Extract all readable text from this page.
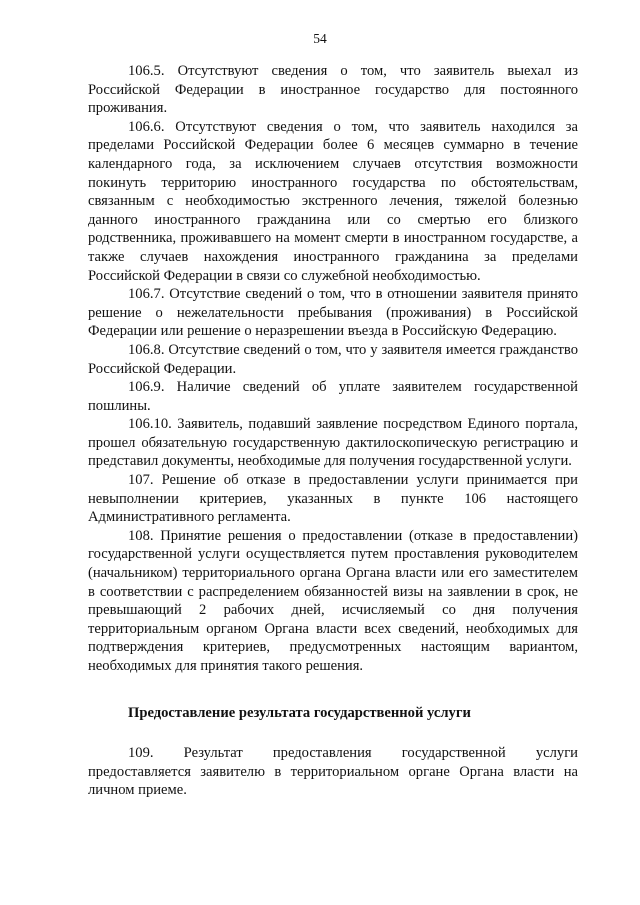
54

106.5. Отсутствуют сведения о том, что заявитель выехал из Российской Федерации в иностранное государство для постоянного проживания.

106.6. Отсутствуют сведения о том, что заявитель находился за пределами Российской Федерации более 6 месяцев суммарно в течение календарного года, за исключением случаев отсутствия возможности покинуть территорию иностранного государства по обстоятельствам, связанным с необходимостью экстренного лечения, тяжелой болезнью данного иностранного гражданина или со смертью его близкого родственника, проживавшего на момент смерти в иностранном государстве, а также случаев нахождения иностранного гражданина за пределами Российской Федерации в связи со служебной необходимостью.

106.7. Отсутствие сведений о том, что в отношении заявителя принято решение о нежелательности пребывания (проживания) в Российской Федерации или решение о неразрешении въезда в Российскую Федерацию.

106.8. Отсутствие сведений о том, что у заявителя имеется гражданство Российской Федерации.

106.9. Наличие сведений об уплате заявителем государственной пошлины.

106.10. Заявитель, подавший заявление посредством Единого портала, прошел обязательную государственную дактилоскопическую регистрацию и представил документы, необходимые для получения государственной услуги.

107. Решение об отказе в предоставлении услуги принимается при невыполнении критериев, указанных в пункте 106 настоящего Административного регламента.

108. Принятие решения о предоставлении (отказе в предоставлении) государственной услуги осуществляется путем проставления руководителем (начальником) территориального органа Органа власти или его заместителем в соответствии с распределением обязанностей визы на заявлении в срок, не превышающий 2 рабочих дней, исчисляемый со дня получения территориальным органом Органа власти всех сведений, необходимых для подтверждения критериев, предусмотренных настоящим вариантом, необходимых для принятия такого решения.

Предоставление результата государственной услуги

109. Результат предоставления государственной услуги предоставляется заявителю в территориальном органе Органа власти на личном приеме.
